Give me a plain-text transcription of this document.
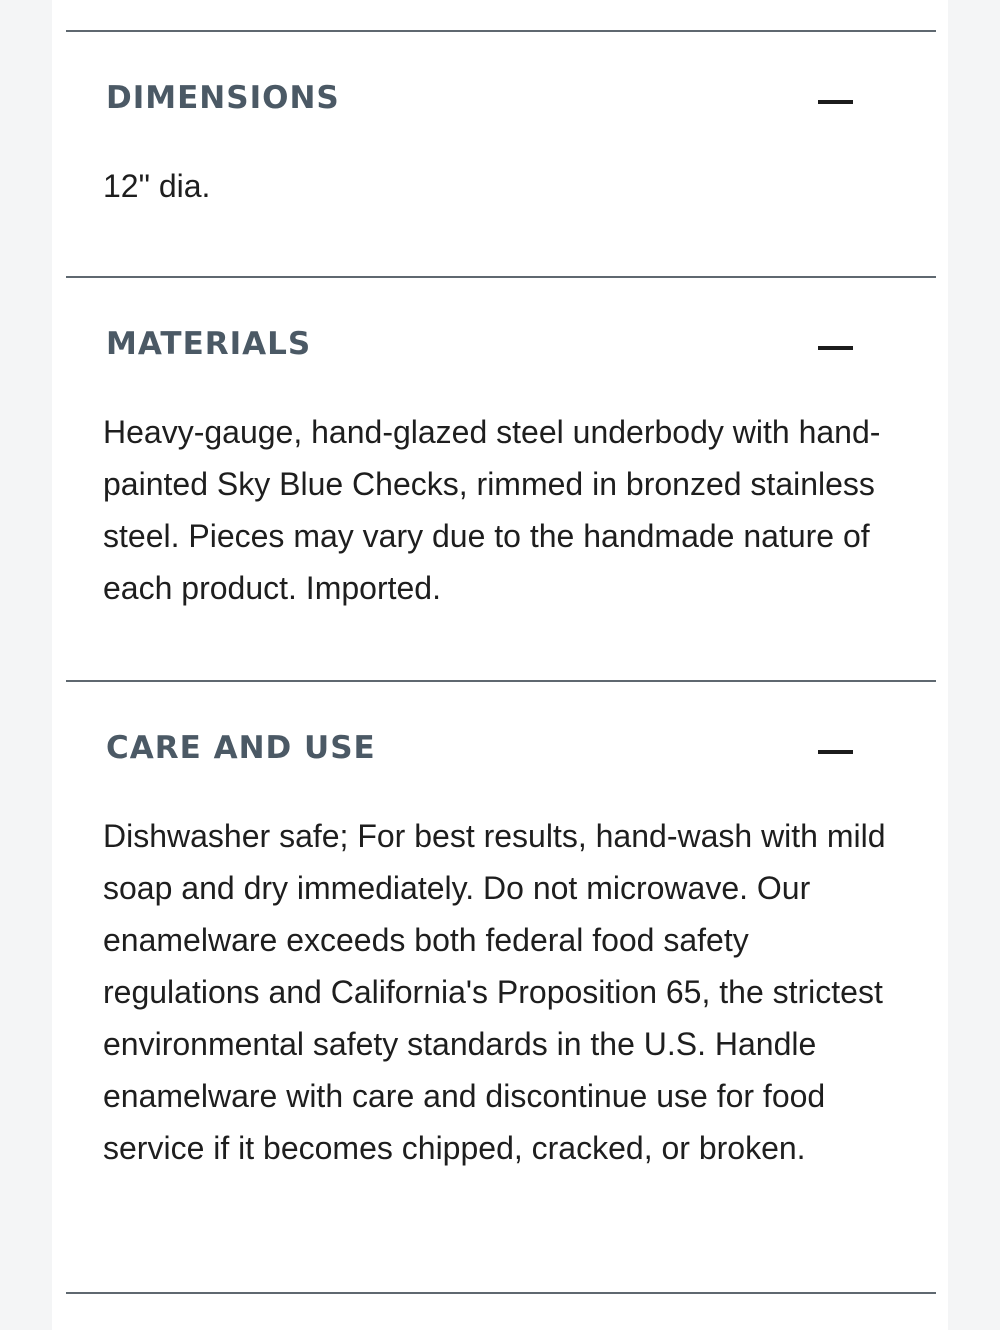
DIMENSIONS
12" dia.
MATERIALS
Heavy-gauge, hand-glazed steel underbody with hand-painted Sky Blue Checks, rimmed in bronzed stainless steel. Pieces may vary due to the handmade nature of each product. Imported.
CARE AND USE
Dishwasher safe; For best results, hand-wash with mild soap and dry immediately. Do not microwave. Our enamelware exceeds both federal food safety regulations and California's Proposition 65, the strictest environmental safety standards in the U.S. Handle enamelware with care and discontinue use for food service if it becomes chipped, cracked, or broken.
